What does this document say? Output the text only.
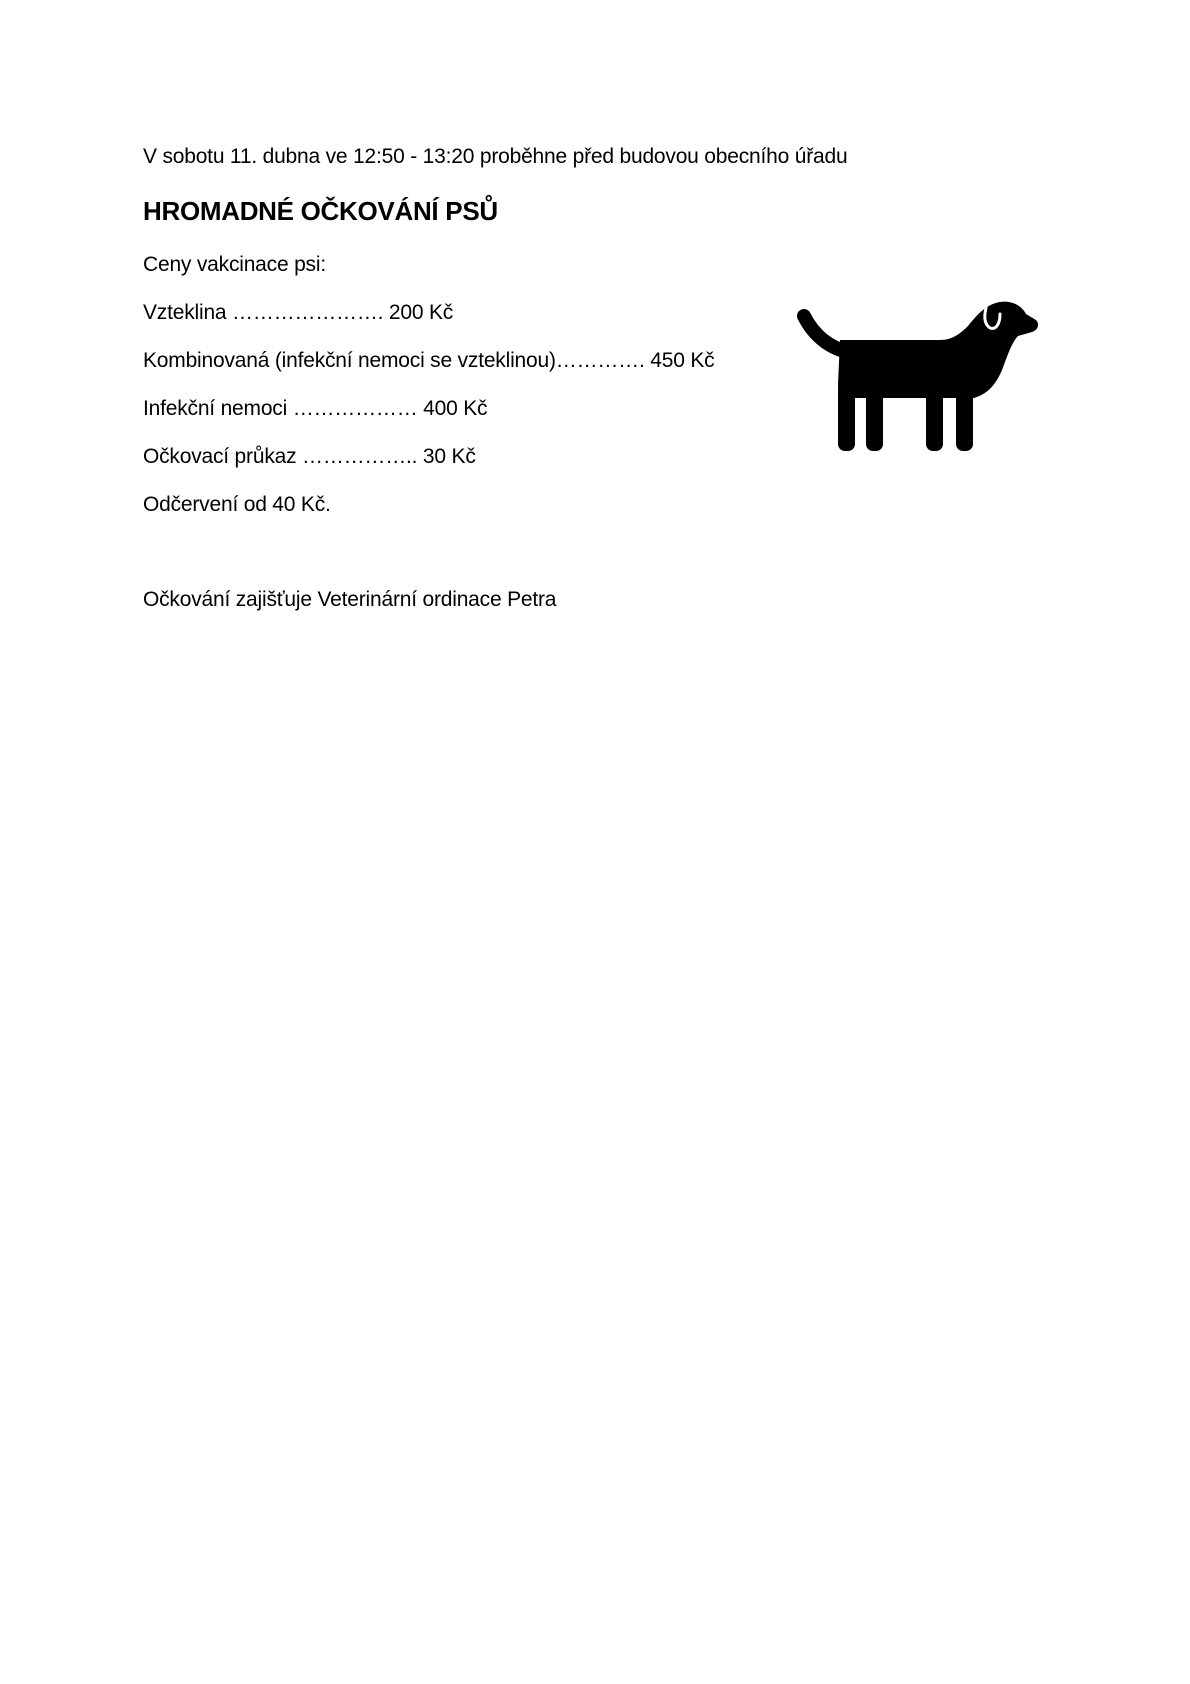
V sobotu 11. dubna ve 12:50 - 13:20 proběhne před budovou obecního úřadu
HROMADNÉ OČKOVÁNÍ PSŮ
Ceny vakcinace psi:
Vzteklina …………………. 200 Kč
Kombinovaná (infekční nemoci se vzteklinou)…………. 450 Kč
Infekční nemoci ……………… 400 Kč
Očkovací průkaz …………….. 30 Kč
Odčervení od 40 Kč.
Očkování zajišťuje Veterinární ordinace Petra
